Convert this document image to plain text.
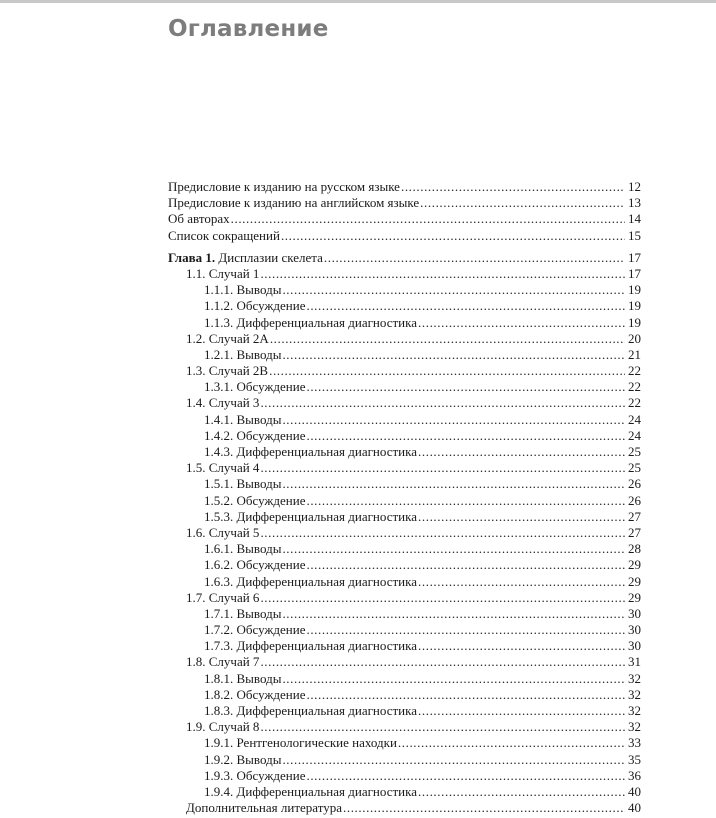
Оглавление
Предисловие к изданию на русском языке .....	12
Предисловие к изданию на английском языке .....	13
Об авторах .....	14
Список сокращений .....	15
Глава 1. Дисплазии скелета .....	17
1.1. Случай 1 .....	17
1.1.1. Выводы .....	19
1.1.2. Обсуждение .....	19
1.1.3. Дифференциальная диагностика .....	19
1.2. Случай 2А .....	20
1.2.1. Выводы .....	21
1.3. Случай 2В .....	22
1.3.1. Обсуждение .....	22
1.4. Случай 3 .....	22
1.4.1. Выводы .....	24
1.4.2. Обсуждение .....	24
1.4.3. Дифференциальная диагностика .....	25
1.5. Случай 4 .....	25
1.5.1. Выводы .....	26
1.5.2. Обсуждение .....	26
1.5.3. Дифференциальная диагностика .....	27
1.6. Случай 5 .....	27
1.6.1. Выводы .....	28
1.6.2. Обсуждение .....	29
1.6.3. Дифференциальная диагностика .....	29
1.7. Случай 6 .....	29
1.7.1. Выводы .....	30
1.7.2. Обсуждение .....	30
1.7.3. Дифференциальная диагностика .....	30
1.8. Случай 7 .....	31
1.8.1. Выводы .....	32
1.8.2. Обсуждение .....	32
1.8.3. Дифференциальная диагностика .....	32
1.9. Случай 8 .....	32
1.9.1. Рентгенологические находки .....	33
1.9.2. Выводы .....	35
1.9.3. Обсуждение .....	36
1.9.4. Дифференциальная диагностика .....	40
Дополнительная литература .....	40
